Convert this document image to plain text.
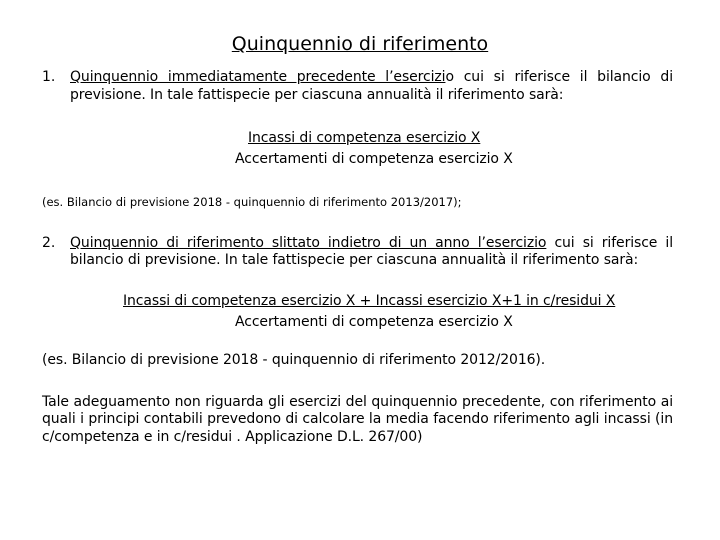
Quinquennio di riferimento
1. Quinquennio immediatamente precedente l’esercizio cui si riferisce il bilancio di
previsione. In tale fattispecie per ciascuna annualità il riferimento sarà:
Incassi di competenza esercizio X
Accertamenti di competenza esercizio X
(es. Bilancio di previsione 2018 - quinquennio di riferimento 2013/2017);
2. Quinquennio di riferimento slittato indietro di un anno l’esercizio cui si riferisce il
bilancio di previsione. In tale fattispecie per ciascuna annualità il riferimento sarà:
Incassi di competenza esercizio X + Incassi esercizio X+1 in c/residui X
Accertamenti di competenza esercizio X
(es. Bilancio di previsione 2018 - quinquennio di riferimento 2012/2016).
Tale adeguamento non riguarda gli esercizi del quinquennio precedente, con riferimento ai
quali i principi contabili prevedono di calcolare la media facendo riferimento agli incassi (in
c/competenza e in c/residui . Applicazione D.L. 267/00)
